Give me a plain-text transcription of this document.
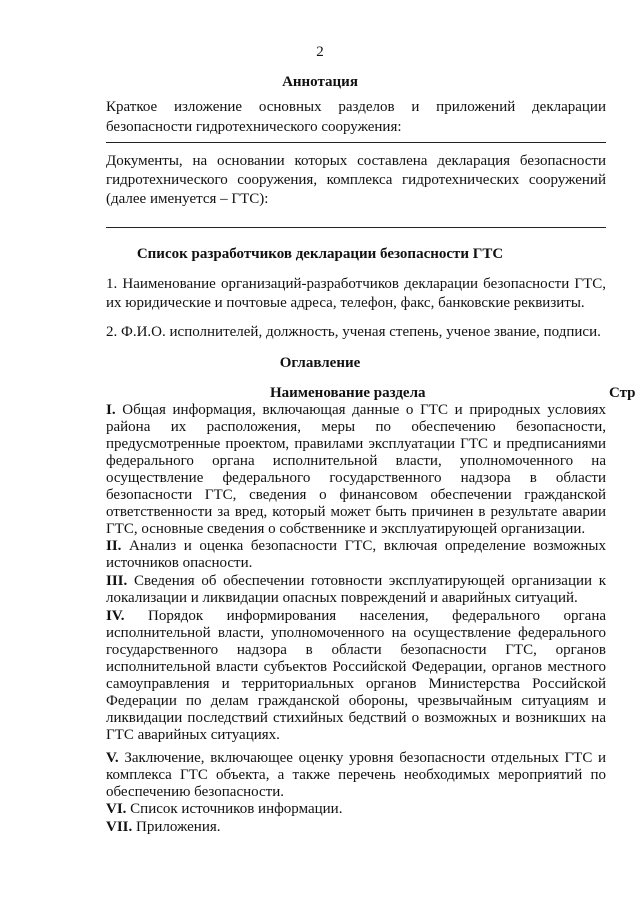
2
Аннотация
Краткое изложение основных разделов и приложений декларации безопасности гидротехнического сооружения:
Документы, на основании которых составлена декларация безопасности гидротехнического сооружения, комплекса гидротехнических сооружений (далее именуется – ГТС):
Список разработчиков декларации безопасности ГТС
1. Наименование организаций-разработчиков декларации безопасности ГТС, их юридические и почтовые адреса, телефон, факс, банковские реквизиты.
2. Ф.И.О. исполнителей, должность, ученая степень, ученое звание, подписи.
Оглавление
Наименование раздела	Стр
I. Общая информация, включающая данные о ГТС и природных условиях района их расположения, меры по обеспечению безопасности, предусмотренные проектом, правилами эксплуатации ГТС и предписаниями федерального органа исполнительной власти, уполномоченного на осуществление федерального государственного надзора в области безопасности ГТС, сведения о финансовом обеспечении гражданской ответственности за вред, который может быть причинен в результате аварии ГТС, основные сведения о собственнике и эксплуатирующей организации.
II. Анализ и оценка безопасности ГТС, включая определение возможных источников опасности.
III. Сведения об обеспечении готовности эксплуатирующей организации к локализации и ликвидации опасных повреждений и аварийных ситуаций.
IV. Порядок информирования населения, федерального органа исполнительной власти, уполномоченного на осуществление федерального государственного надзора в области безопасности ГТС, органов исполнительной власти субъектов Российской Федерации, органов местного самоуправления и территориальных органов Министерства Российской Федерации по делам гражданской обороны, чрезвычайным ситуациям и ликвидации последствий стихийных бедствий о возможных и возникших на ГТС аварийных ситуациях.
V. Заключение, включающее оценку уровня безопасности отдельных ГТС и комплекса ГТС объекта, а также перечень необходимых мероприятий по обеспечению безопасности.
VI. Список источников информации.
VII. Приложения.
